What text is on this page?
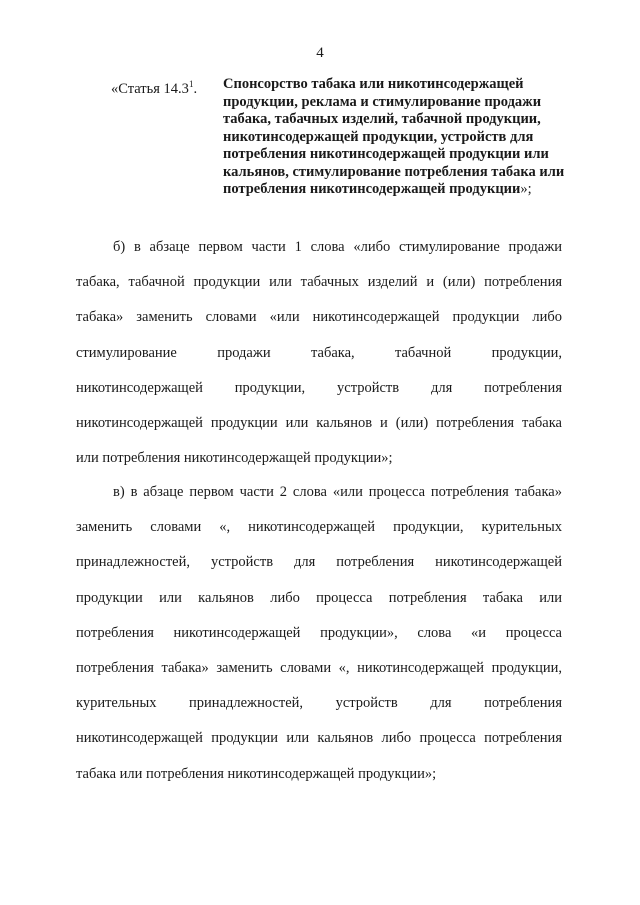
4
«Статья 14.3$^1$.	Спонсорство табака или никотинсодержащей продукции, реклама и стимулирование продажи табака, табачных изделий, табачной продукции, никотинсодержащей продукции, устройств для потребления никотинсодержащей продукции или кальянов, стимулирование потребления табака или потребления никотинсодержащей продукции»;
б) в абзаце первом части 1 слова «либо стимулирование продажи
табака, табачной продукции или табачных изделий и (или) потребления
табака» заменить словами «или никотинсодержащей продукции либо
стимулирование продажи табака, табачной продукции,
никотинсодержащей продукции, устройств для потребления
никотинсодержащей продукции или кальянов и (или) потребления табака
или потребления никотинсодержащей продукции»;
в) в абзаце первом части 2 слова «или процесса потребления табака»
заменить словами «, никотинсодержащей продукции, курительных
принадлежностей, устройств для потребления никотинсодержащей
продукции или кальянов либо процесса потребления табака или
потребления никотинсодержащей продукции», слова «и процесса
потребления табака» заменить словами «, никотинсодержащей продукции,
курительных принадлежностей, устройств для потребления
никотинсодержащей продукции или кальянов либо процесса потребления
табака или потребления никотинсодержащей продукции»;
